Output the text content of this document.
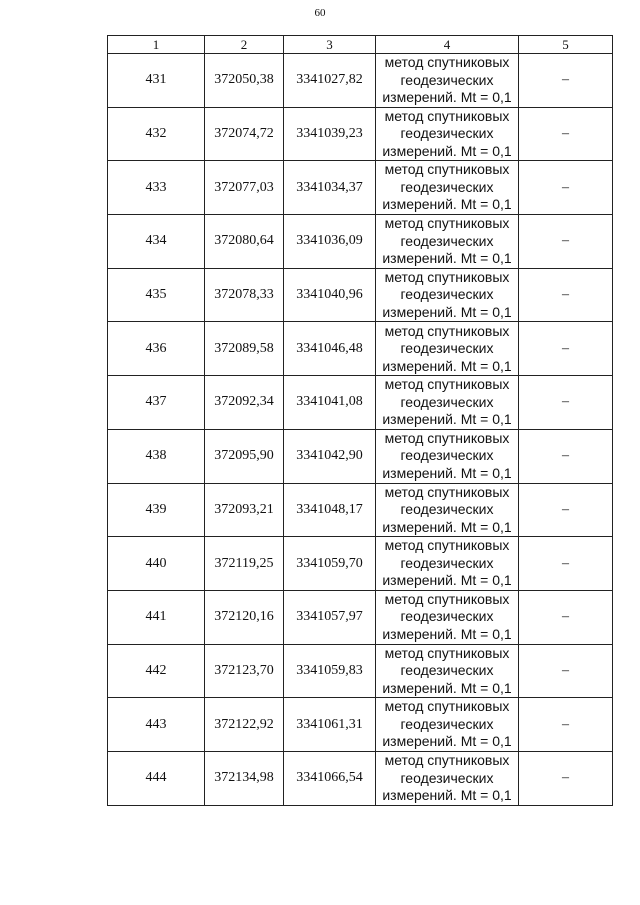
60
1	2	3	4	5
431	372050,38	3341027,82	метод спутниковых
геодезических
измерений. Mt = 0,1	–
432	372074,72	3341039,23	метод спутниковых
геодезических
измерений. Mt = 0,1	–
433	372077,03	3341034,37	метод спутниковых
геодезических
измерений. Mt = 0,1	–
434	372080,64	3341036,09	метод спутниковых
геодезических
измерений. Mt = 0,1	–
435	372078,33	3341040,96	метод спутниковых
геодезических
измерений. Mt = 0,1	–
436	372089,58	3341046,48	метод спутниковых
геодезических
измерений. Mt = 0,1	–
437	372092,34	3341041,08	метод спутниковых
геодезических
измерений. Mt = 0,1	–
438	372095,90	3341042,90	метод спутниковых
геодезических
измерений. Mt = 0,1	–
439	372093,21	3341048,17	метод спутниковых
геодезических
измерений. Mt = 0,1	–
440	372119,25	3341059,70	метод спутниковых
геодезических
измерений. Mt = 0,1	–
441	372120,16	3341057,97	метод спутниковых
геодезических
измерений. Mt = 0,1	–
442	372123,70	3341059,83	метод спутниковых
геодезических
измерений. Mt = 0,1	–
443	372122,92	3341061,31	метод спутниковых
геодезических
измерений. Mt = 0,1	–
444	372134,98	3341066,54	метод спутниковых
геодезических
измерений. Mt = 0,1	–
